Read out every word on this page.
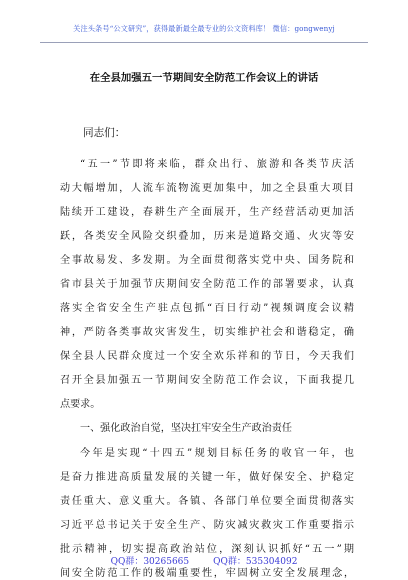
关注头条号“公文研究”，获得最新最全最专业的公文资料库！ 微信：gongwenyj
在全县加强五一节期间安全防范工作会议上的讲话
同志们：
“五一”节即将来临，群众出行、旅游和各类节庆活
动大幅增加，人流车流物流更加集中，加之全县重大项目
陆续开工建设，春耕生产全面展开，生产经营活动更加活
跃，各类安全风险交织叠加，历来是道路交通、火灾等安
全事故易发、多发期。为全面贯彻落实党中央、国务院和
省市县关于加强节庆期间安全防范工作的部署要求，认真
落实全省安全生产驻点包抓“百日行动”视频调度会议精
神，严防各类事故灾害发生，切实维护社会和谐稳定，确
保全县人民群众度过一个安全欢乐祥和的节日，今天我们
召开全县加强五一节期间安全防范工作会议，下面我提几
点要求。
一、强化政治自觉，坚决扛牢安全生产政治责任
今年是实现“十四五”规划目标任务的收官一年，也
是奋力推进高质量发展的关键一年，做好保安全、护稳定
责任重大、意义重大。各镇、各部门单位要全面贯彻落实
习近平总书记关于安全生产、防灾减灾救灾工作重要指示
批示精神，切实提高政治站位，深刻认识抓好“五一”期
间安全防范工作的极端重要性，牢固树立安全发展理念，
QQ群：30265665	QQ群：535304092
